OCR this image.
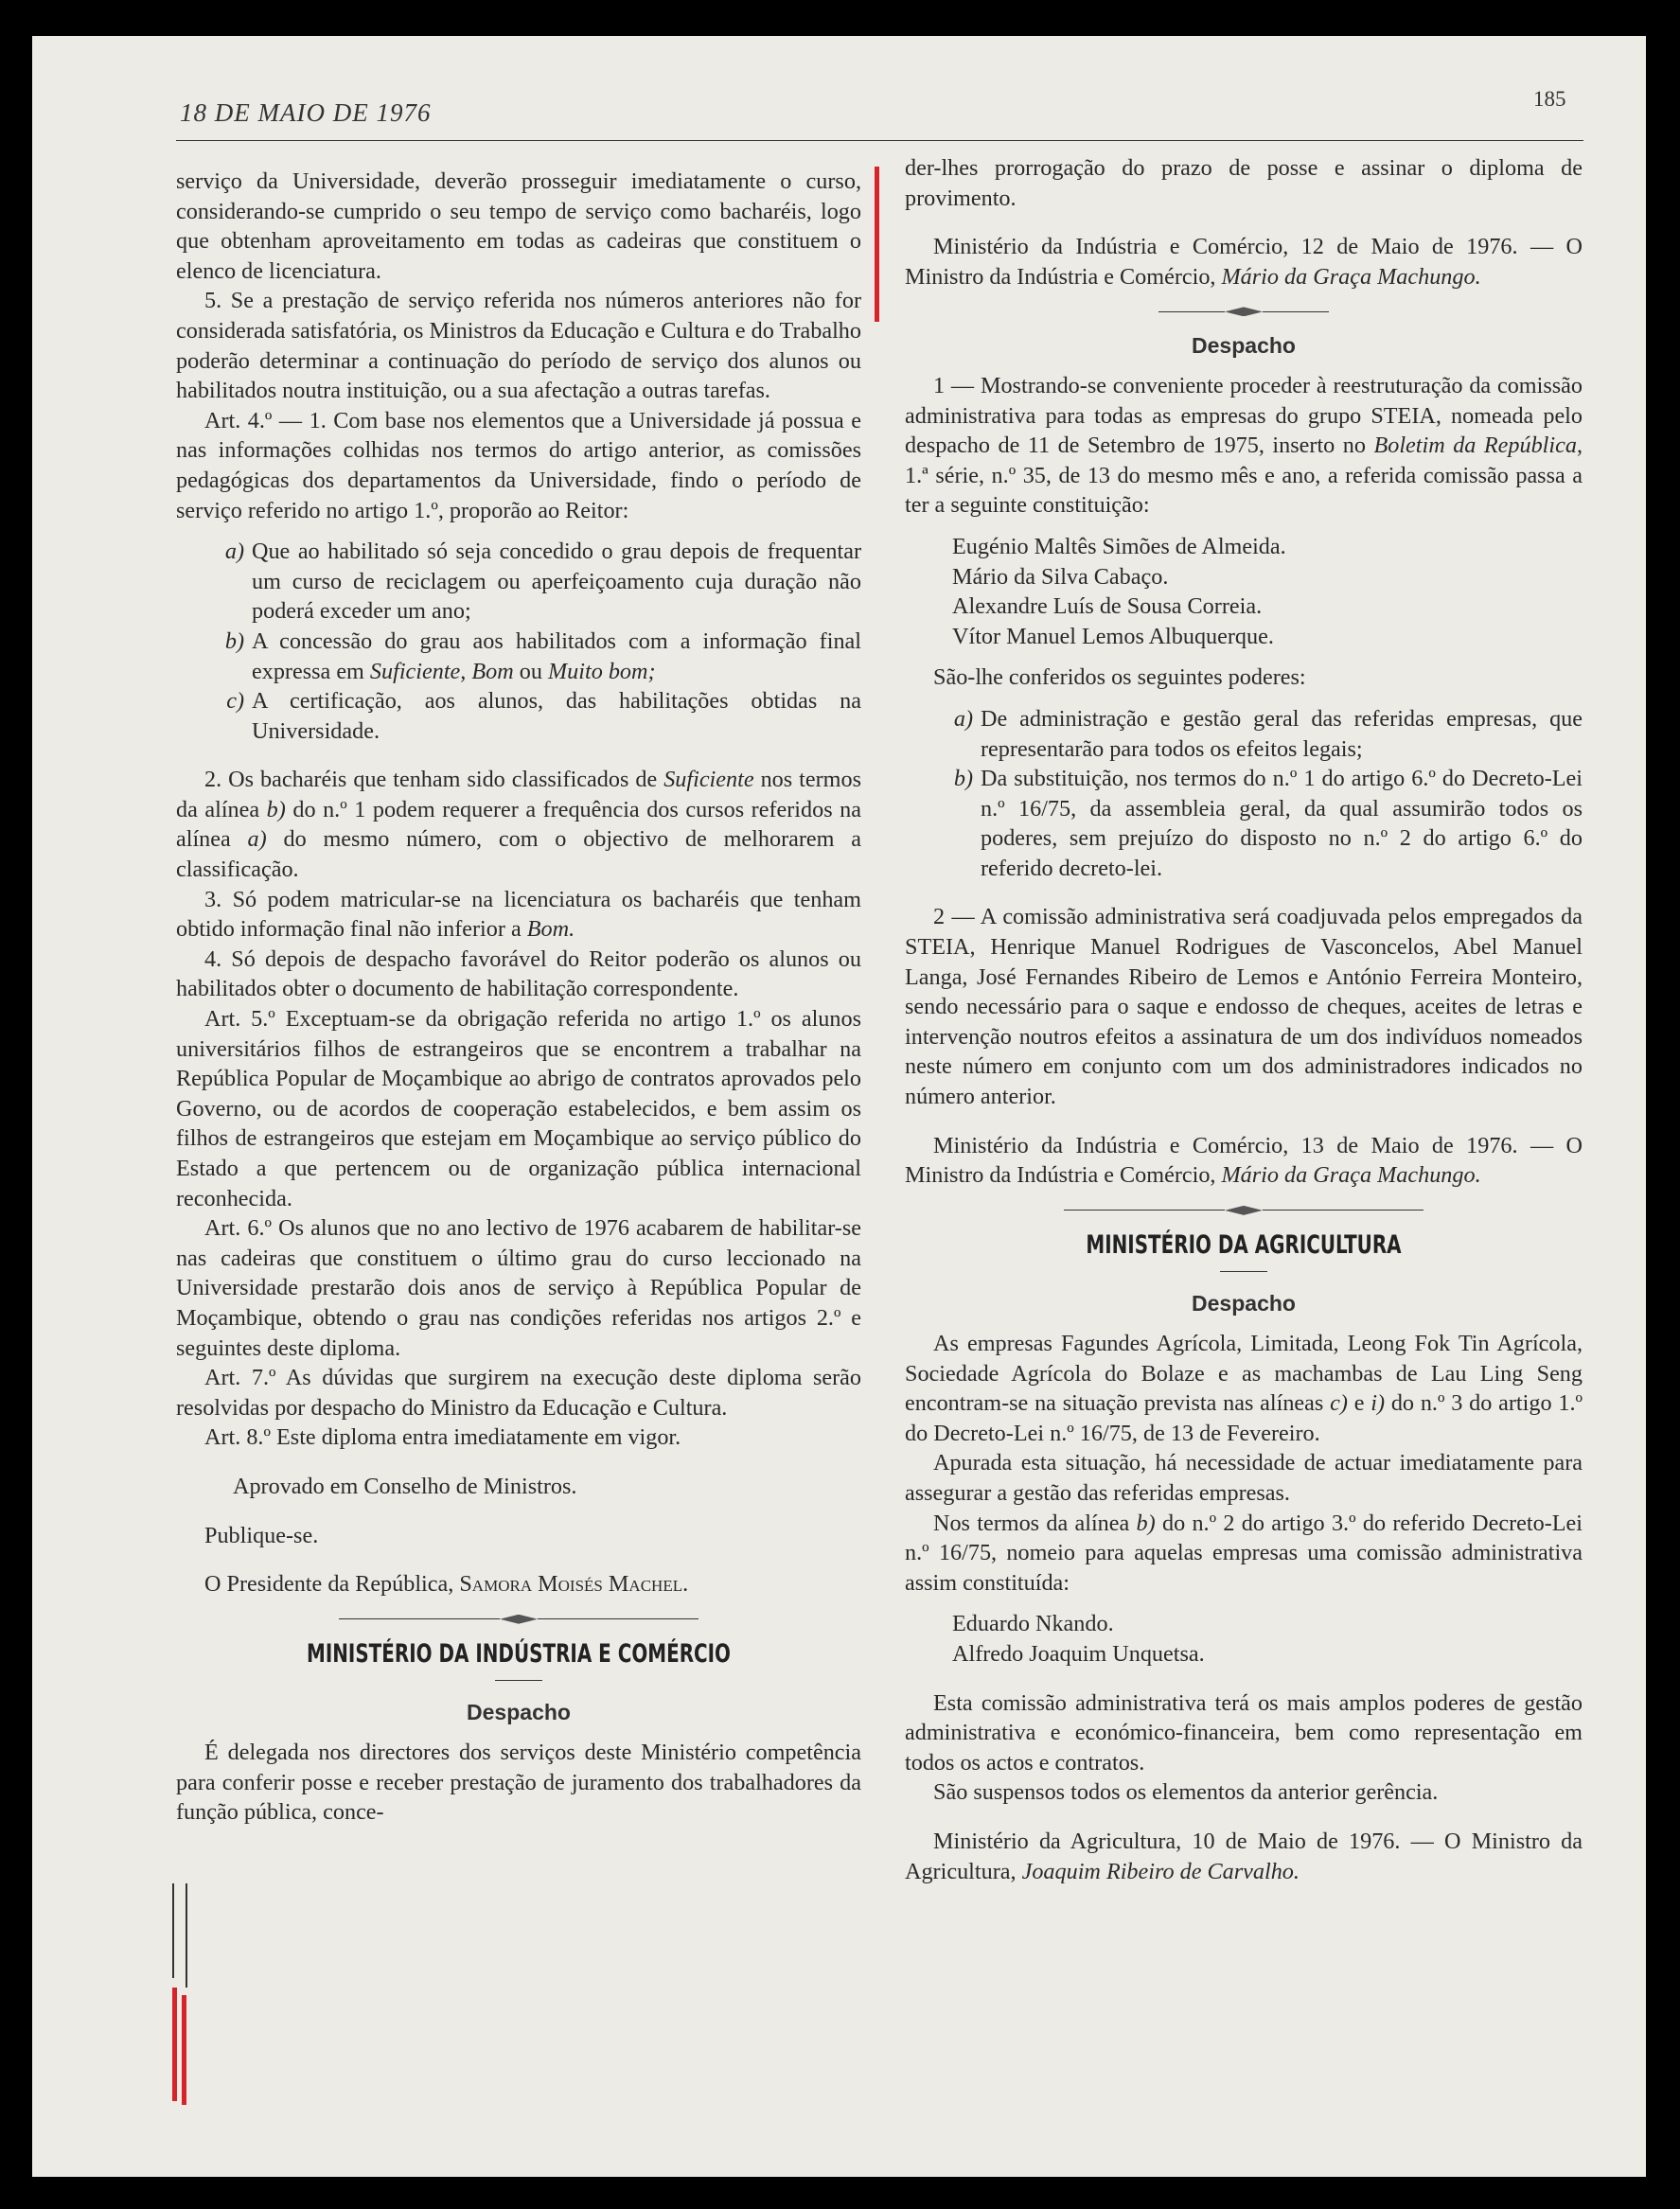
18 DE MAIO DE 1976	185

serviço da Universidade, deverão prosseguir imediatamente o curso, considerando-se cumprido o seu tempo de serviço como bacharéis, logo que obtenham aproveitamento em todas as cadeiras que constituem o elenco de licenciatura.

5. Se a prestação de serviço referida nos números anteriores não for considerada satisfatória, os Ministros da Educação e Cultura e do Trabalho poderão determinar a continuação do período de serviço dos alunos ou habilitados noutra instituição, ou a sua afectação a outras tarefas.

Art. 4.º — 1. Com base nos elementos que a Universidade já possua e nas informações colhidas nos termos do artigo anterior, as comissões pedagógicas dos departamentos da Universidade, findo o período de serviço referido no artigo 1.º, proporão ao Reitor:

a) Que ao habilitado só seja concedido o grau depois de frequentar um curso de reciclagem ou aperfeiçoamento cuja duração não poderá exceder um ano;
b) A concessão do grau aos habilitados com a informação final expressa em Suficiente, Bom ou Muito bom;
c) A certificação, aos alunos, das habilitações obtidas na Universidade.

2. Os bacharéis que tenham sido classificados de Suficiente nos termos da alínea b) do n.º 1 podem requerer a frequência dos cursos referidos na alínea a) do mesmo número, com o objectivo de melhorarem a classificação.

3. Só podem matricular-se na licenciatura os bacharéis que tenham obtido informação final não inferior a Bom.

4. Só depois de despacho favorável do Reitor poderão os alunos ou habilitados obter o documento de habilitação correspondente.

Art. 5.º Exceptuam-se da obrigação referida no artigo 1.º os alunos universitários filhos de estrangeiros que se encontrem a trabalhar na República Popular de Moçambique ao abrigo de contratos aprovados pelo Governo, ou de acordos de cooperação estabelecidos, e bem assim os filhos de estrangeiros que estejam em Moçambique ao serviço público do Estado a que pertencem ou de organização pública internacional reconhecida.

Art. 6.º Os alunos que no ano lectivo de 1976 acabarem de habilitar-se nas cadeiras que constituem o último grau do curso leccionado na Universidade prestarão dois anos de serviço à República Popular de Moçambique, obtendo o grau nas condições referidas nos artigos 2.º e seguintes deste diploma.

Art. 7.º As dúvidas que surgirem na execução deste diploma serão resolvidas por despacho do Ministro da Educação e Cultura.

Art. 8.º Este diploma entra imediatamente em vigor.

Aprovado em Conselho de Ministros.

Publique-se.

O Presidente da República, Samora Moisés Machel.

MINISTÉRIO DA INDÚSTRIA E COMÉRCIO
Despacho

É delegada nos directores dos serviços deste Ministério competência para conferir posse e receber prestação de juramento dos trabalhadores da função pública, conce-

der-lhes prorrogação do prazo de posse e assinar o diploma de provimento.

Ministério da Indústria e Comércio, 12 de Maio de 1976. — O Ministro da Indústria e Comércio, Mário da Graça Machungo.

Despacho

1 — Mostrando-se conveniente proceder à reestruturação da comissão administrativa para todas as empresas do grupo STEIA, nomeada pelo despacho de 11 de Setembro de 1975, inserto no Boletim da República, 1.ª série, n.º 35, de 13 do mesmo mês e ano, a referida comissão passa a ter a seguinte constituição:

Eugénio Maltês Simões de Almeida.

Mário da Silva Cabaço.

Alexandre Luís de Sousa Correia.

Vítor Manuel Lemos Albuquerque.

São-lhe conferidos os seguintes poderes:

a) De administração e gestão geral das referidas empresas, que representarão para todos os efeitos legais;
b) Da substituição, nos termos do n.º 1 do artigo 6.º do Decreto-Lei n.º 16/75, da assembleia geral, da qual assumirão todos os poderes, sem prejuízo do disposto no n.º 2 do artigo 6.º do referido decreto-lei.

2 — A comissão administrativa será coadjuvada pelos empregados da STEIA, Henrique Manuel Rodrigues de Vasconcelos, Abel Manuel Langa, José Fernandes Ribeiro de Lemos e António Ferreira Monteiro, sendo necessário para o saque e endosso de cheques, aceites de letras e intervenção noutros efeitos a assinatura de um dos indivíduos nomeados neste número em conjunto com um dos administradores indicados no número anterior.

Ministério da Indústria e Comércio, 13 de Maio de 1976. — O Ministro da Indústria e Comércio, Mário da Graça Machungo.

MINISTÉRIO DA AGRICULTURA
Despacho

As empresas Fagundes Agrícola, Limitada, Leong Fok Tin Agrícola, Sociedade Agrícola do Bolaze e as machambas de Lau Ling Seng encontram-se na situação prevista nas alíneas c) e i) do n.º 3 do artigo 1.º do Decreto-Lei n.º 16/75, de 13 de Fevereiro.

Apurada esta situação, há necessidade de actuar imediatamente para assegurar a gestão das referidas empresas.

Nos termos da alínea b) do n.º 2 do artigo 3.º do referido Decreto-Lei n.º 16/75, nomeio para aquelas empresas uma comissão administrativa assim constituída:

Eduardo Nkando.

Alfredo Joaquim Unquetsa.

Esta comissão administrativa terá os mais amplos poderes de gestão administrativa e económico-financeira, bem como representação em todos os actos e contratos.

São suspensos todos os elementos da anterior gerência.

Ministério da Agricultura, 10 de Maio de 1976. — O Ministro da Agricultura, Joaquim Ribeiro de Carvalho.
